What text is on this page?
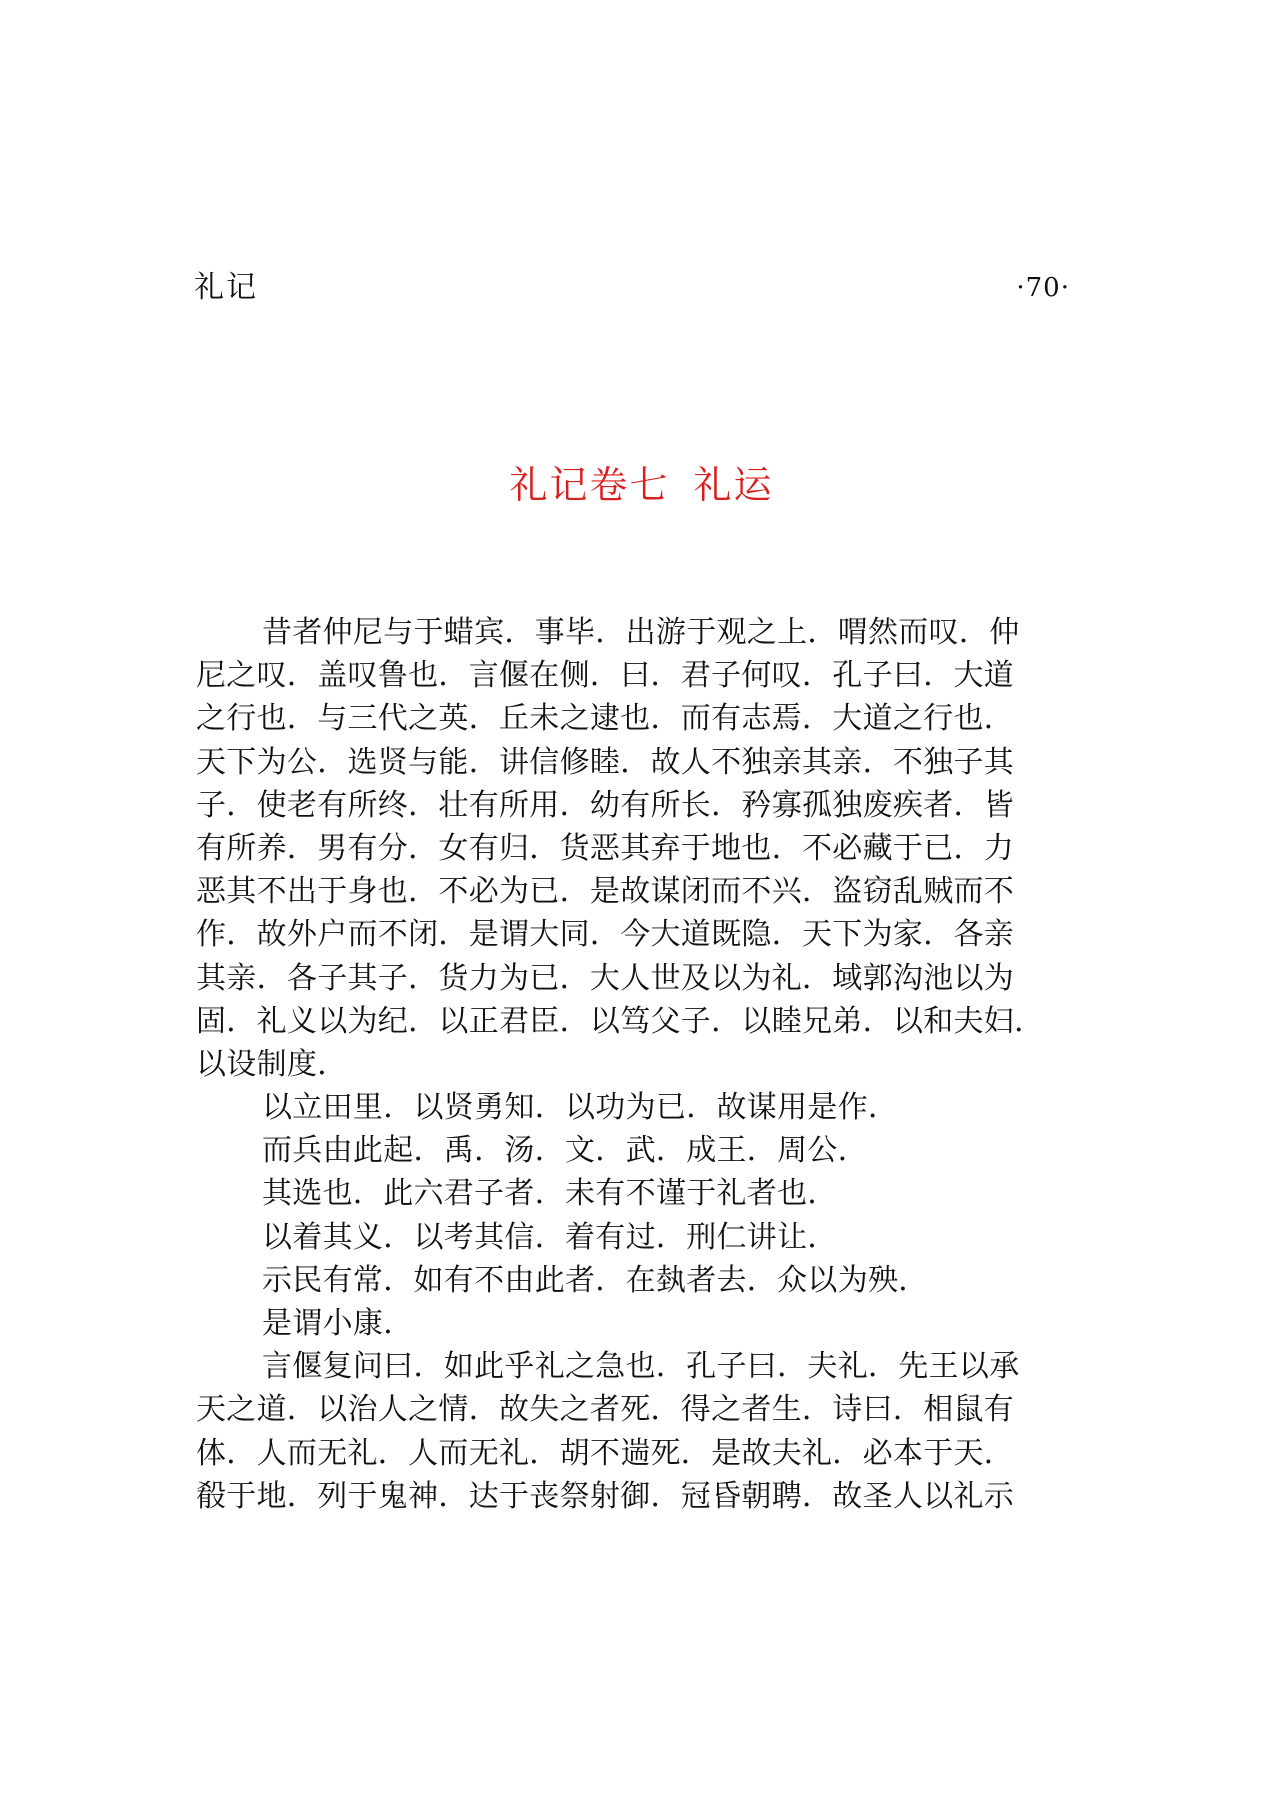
礼记	·70·
礼记卷七 礼运
昔者仲尼与于蜡宾．事毕．出游于观之上．喟然而叹．仲
尼之叹．盖叹鲁也．言偃在侧．曰．君子何叹．孔子曰．大道
之行也．与三代之英．丘未之逮也．而有志焉．大道之行也．
天下为公．选贤与能．讲信修睦．故人不独亲其亲．不独子其
子．使老有所终．壮有所用．幼有所长．矜寡孤独废疾者．皆
有所养．男有分．女有归．货恶其弃于地也．不必藏于已．力
恶其不出于身也．不必为已．是故谋闭而不兴．盗窃乱贼而不
作．故外户而不闭．是谓大同．今大道既隐．天下为家．各亲
其亲．各子其子．货力为已．大人世及以为礼．域郭沟池以为
固．礼义以为纪．以正君臣．以笃父子．以睦兄弟．以和夫妇．
以设制度．
以立田里．以贤勇知．以功为已．故谋用是作．
而兵由此起．禹．汤．文．武．成王．周公．
其选也．此六君子者．未有不谨于礼者也．
以着其义．以考其信．着有过．刑仁讲让．
示民有常．如有不由此者．在埶者去．众以为殃．
是谓小康．
言偃复问曰．如此乎礼之急也．孔子曰．夫礼．先王以承
天之道．以治人之情．故失之者死．得之者生．诗曰．相鼠有
体．人而无礼．人而无礼．胡不遄死．是故夫礼．必本于天．
殽于地．列于鬼神．达于丧祭射御．冠昏朝聘．故圣人以礼示
